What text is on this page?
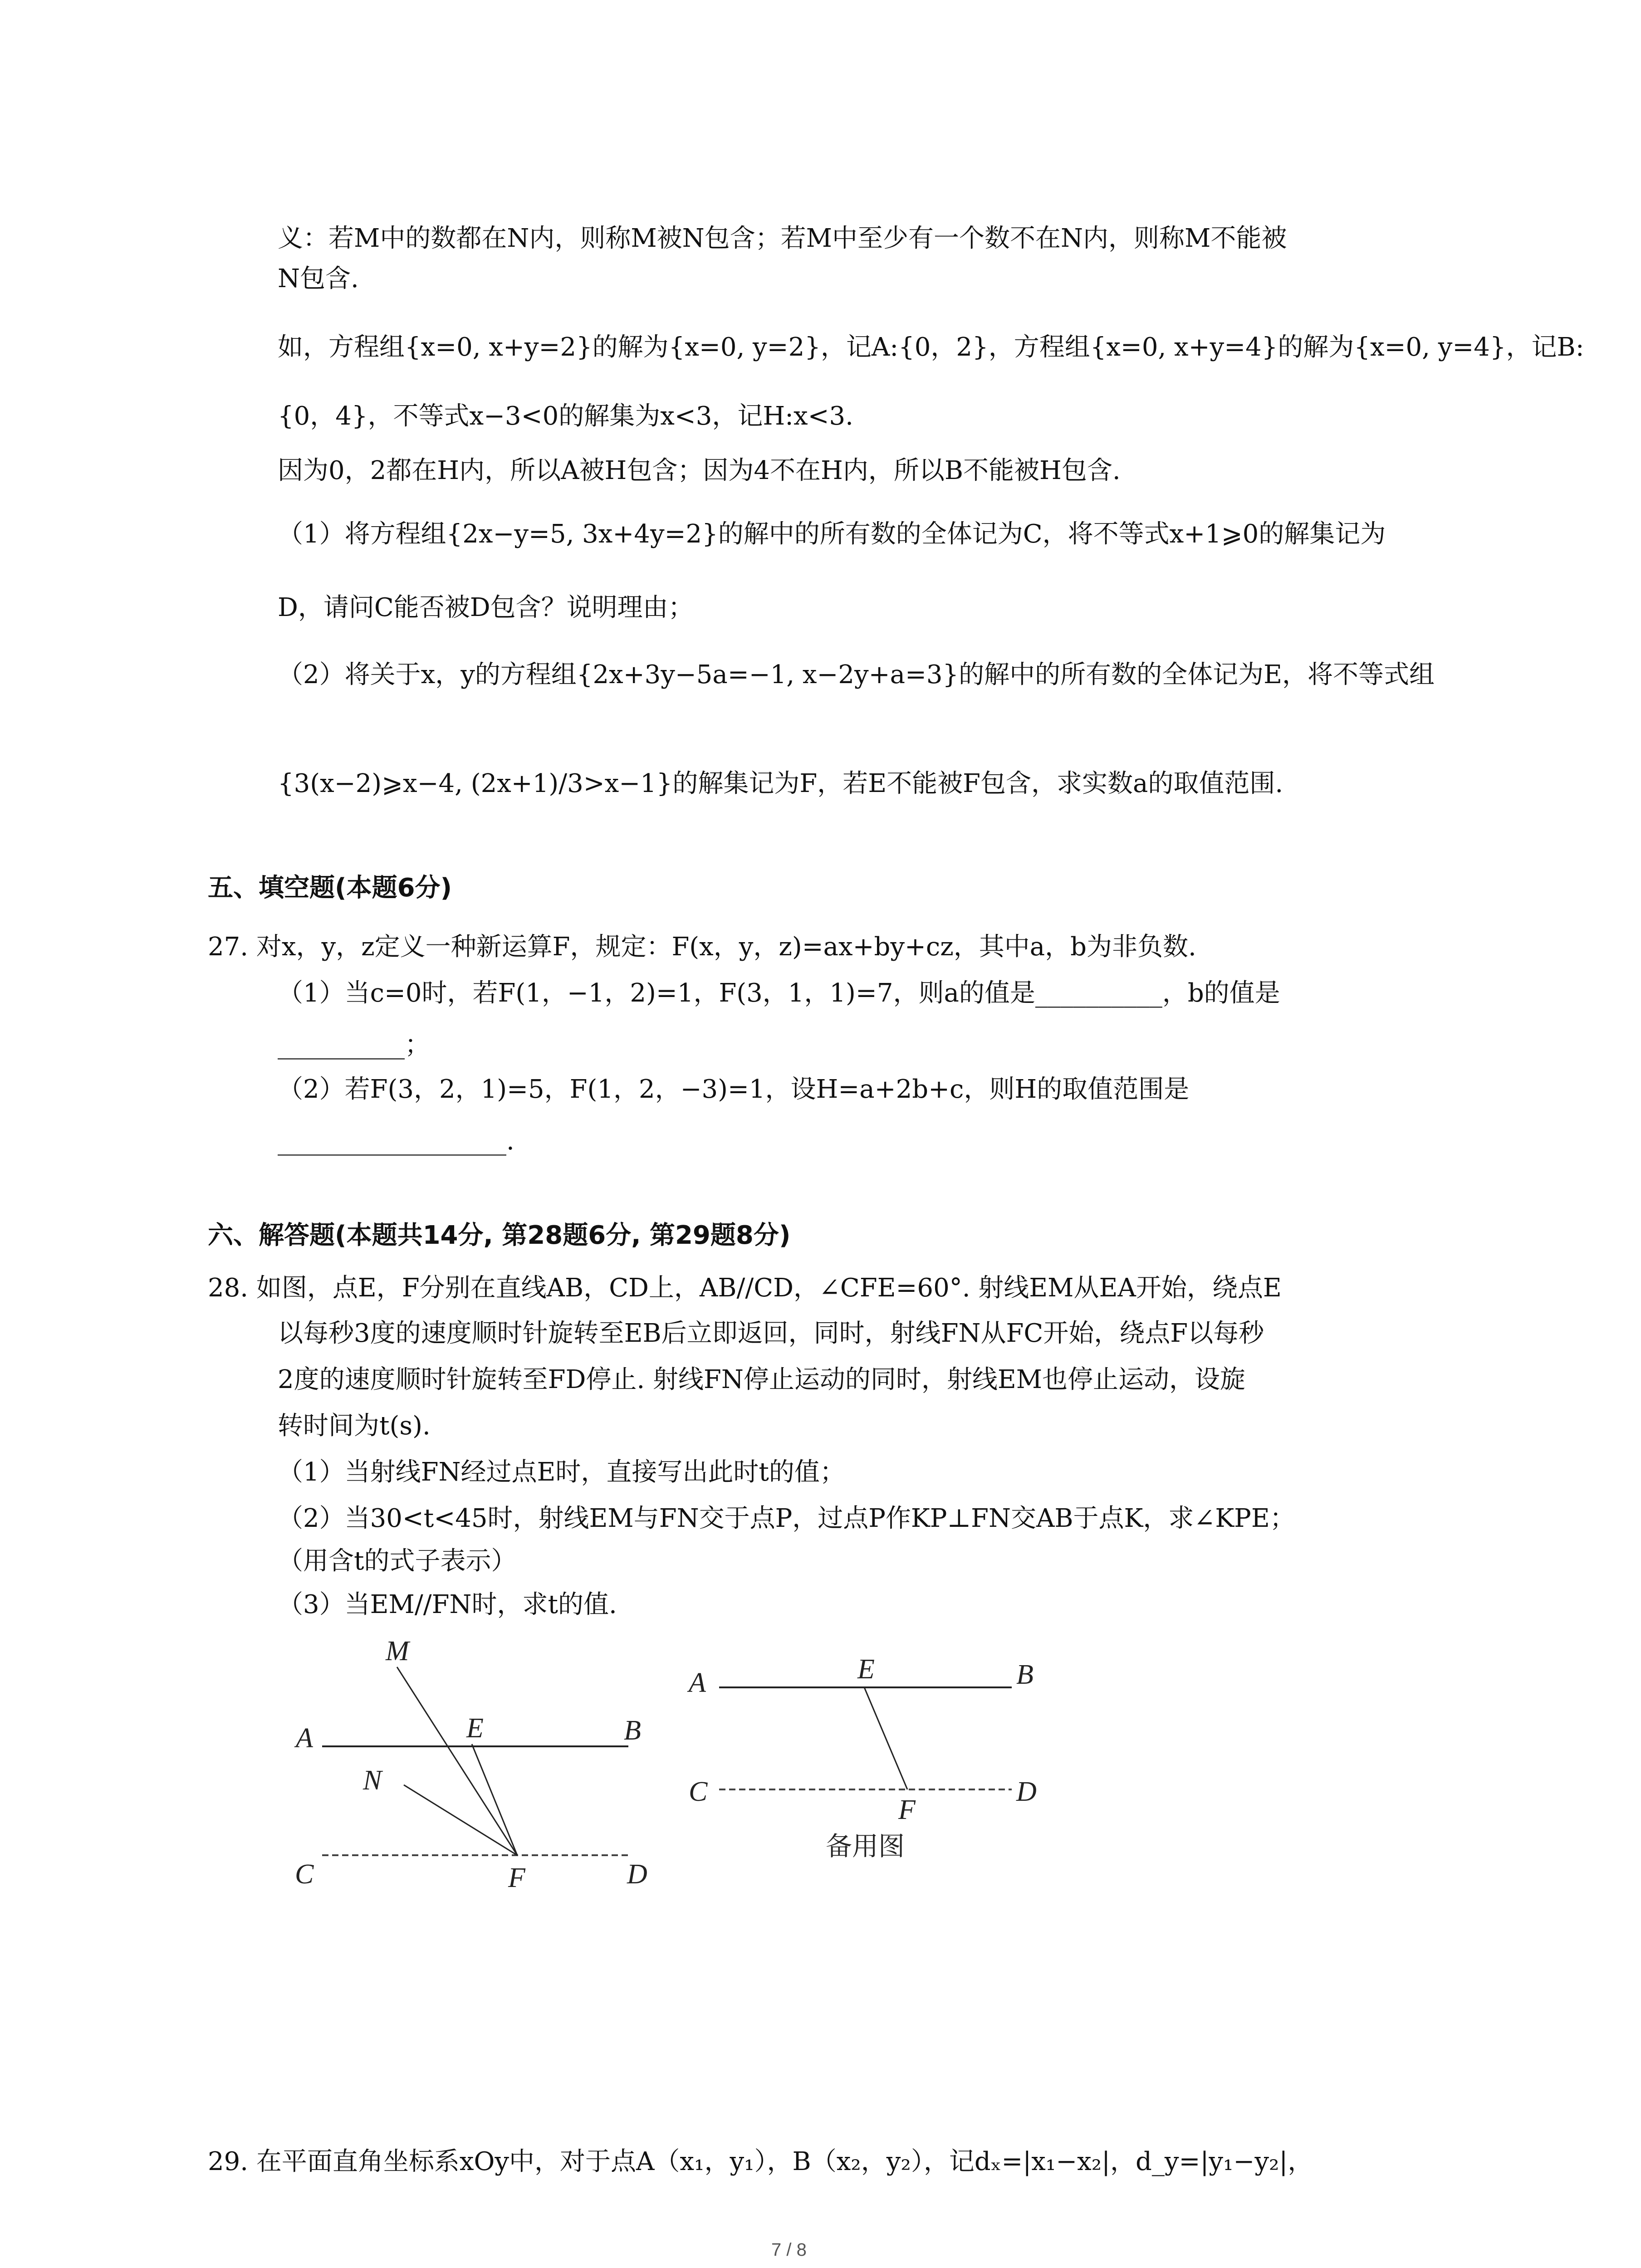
义：若M中的数都在N内，则称M被N包含；若M中至少有一个数不在N内，则称M不能被
N包含.
如，方程组{x=0, x+y=2}的解为{x=0, y=2}，记A:{0，2}，方程组{x=0, x+y=4}的解为{x=0, y=4}，记B:
{0，4}，不等式x−3<0的解集为x<3，记H:x<3.
因为0，2都在H内，所以A被H包含；因为4不在H内，所以B不能被H包含.
（1）将方程组{2x−y=5, 3x+4y=2}的解中的所有数的全体记为C，将不等式x+1⩾0的解集记为
D，请问C能否被D包含？说明理由；
（2）将关于x，y的方程组{2x+3y−5a=−1, x−2y+a=3}的解中的所有数的全体记为E，将不等式组
{3(x−2)⩾x−4, (2x+1)/3>x−1}的解集记为F，若E不能被F包含，求实数a的取值范围.
五、填空题(本题6分)
27. 对x，y，z定义一种新运算F，规定：F(x，y，z)=ax+by+cz，其中a，b为非负数.
（1）当c=0时，若F(1，−1，2)=1，F(3，1，1)=7，则a的值是__________，b的值是
__________；
（2）若F(3，2，1)=5，F(1，2，−3)=1，设H=a+2b+c，则H的取值范围是
__________________.
六、解答题(本题共14分, 第28题6分, 第29题8分)
28. 如图，点E，F分别在直线AB，CD上，AB//CD，∠CFE=60°. 射线EM从EA开始，绕点E
以每秒3度的速度顺时针旋转至EB后立即返回，同时，射线FN从FC开始，绕点F以每秒
2度的速度顺时针旋转至FD停止. 射线FN停止运动的同时，射线EM也停止运动，设旋
转时间为t(s).
（1）当射线FN经过点E时，直接写出此时t的值；
（2）当30<t<45时，射线EM与FN交于点P，过点P作KP⊥FN交AB于点K，求∠KPE；
（用含t的式子表示）
（3）当EM//FN时，求t的值.
M
A	E	B
N
C	F	D
A	E	B
C
F
D
备用图
29. 在平面直角坐标系xOy中，对于点A（x₁，y₁），B（x₂，y₂），记dₓ=|x₁−x₂|，d_y=|y₁−y₂|，
7 / 8
